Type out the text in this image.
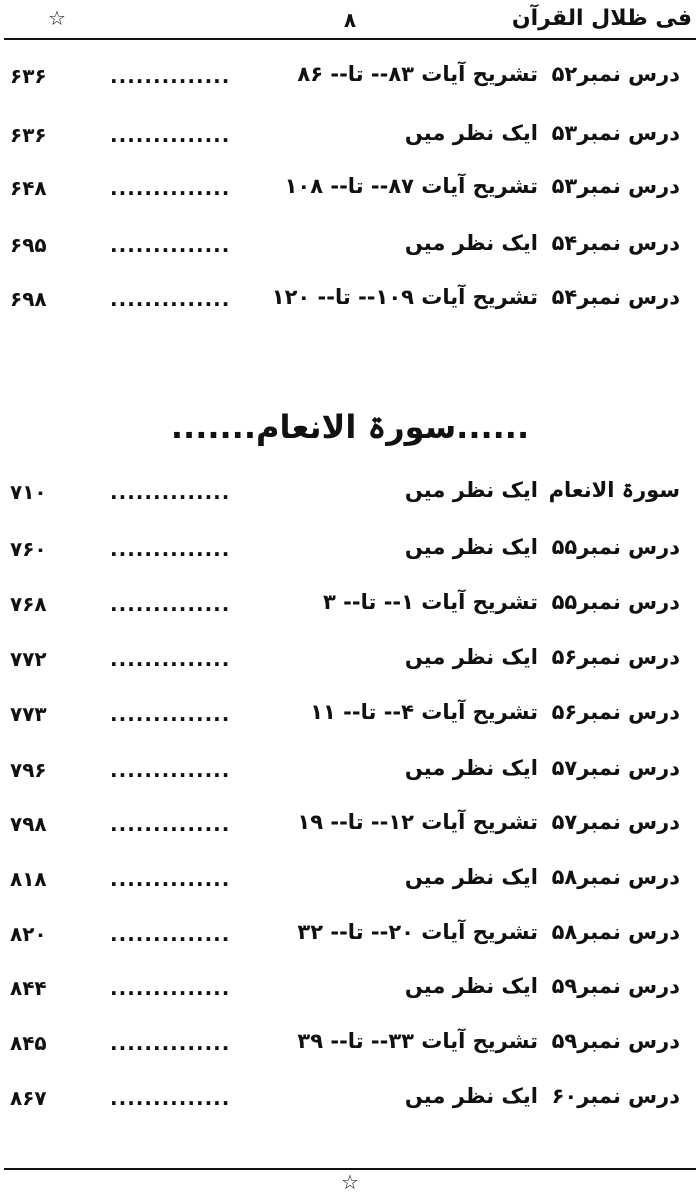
فی ظلال القرآن
٨
☆
درس نمبر۵۲
تشریح آیات ۸۳-- تا-- ۸۶
..............
۶۳۶
درس نمبر۵۳
ایک نظر میں
..............
۶۳۶
درس نمبر۵۳
تشریح آیات ۸۷-- تا-- ۱۰۸
..............
۶۴۸
درس نمبر۵۴
ایک نظر میں
..............
۶۹۵
درس نمبر۵۴
تشریح آیات ۱۰۹-- تا-- ۱۲۰
..............
۶۹۸
......سورۃ الانعام.......
سورۃ الانعام
ایک نظر میں
..............
۷۱۰
درس نمبر۵۵
ایک نظر میں
..............
۷۶۰
درس نمبر۵۵
تشریح آیات ۱-- تا-- ۳
..............
۷۶۸
درس نمبر۵۶
ایک نظر میں
..............
۷۷۲
درس نمبر۵۶
تشریح آیات ۴-- تا-- ۱۱
..............
۷۷۳
درس نمبر۵۷
ایک نظر میں
..............
۷۹۶
درس نمبر۵۷
تشریح آیات ۱۲-- تا-- ۱۹
..............
۷۹۸
درس نمبر۵۸
ایک نظر میں
..............
۸۱۸
درس نمبر۵۸
تشریح آیات ۲۰-- تا-- ۳۲
..............
۸۲۰
درس نمبر۵۹
ایک نظر میں
..............
۸۴۴
درس نمبر۵۹
تشریح آیات ۳۳-- تا-- ۳۹
..............
۸۴۵
درس نمبر۶۰
ایک نظر میں
..............
۸۶۷
☆
